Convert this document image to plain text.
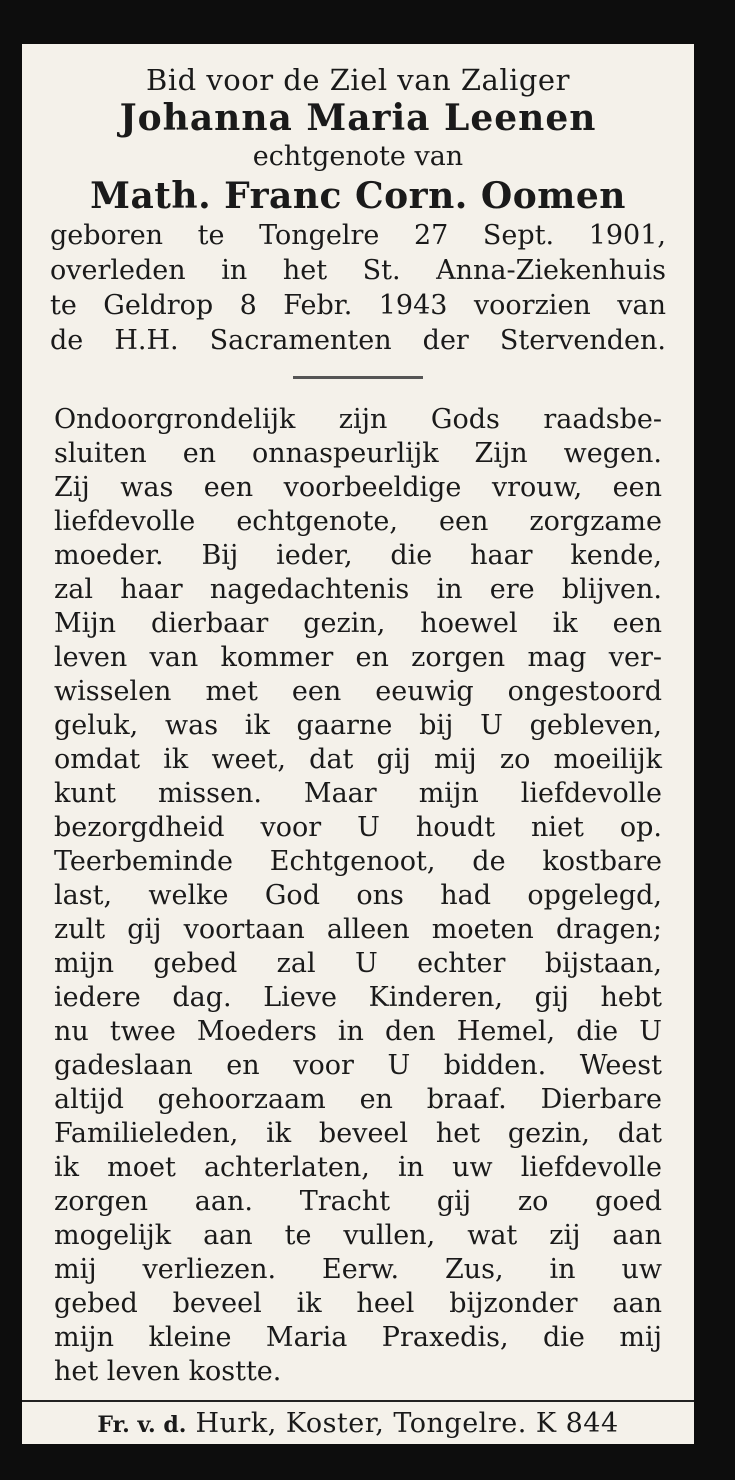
Bid voor de Ziel van Zaliger
Johanna Maria Leenen
echtgenote van
Math. Franc Corn. Oomen
geboren te Tongelre 27 Sept. 1901,
overleden in het St. Anna-Ziekenhuis
te Geldrop 8 Febr. 1943 voorzien van
de H.H. Sacramenten der Stervenden.
Ondoorgrondelijk zijn Gods raadsbe-
sluiten en onnaspeurlijk Zijn wegen.
Zij was een voorbeeldige vrouw, een
liefdevolle echtgenote, een zorgzame
moeder. Bij ieder, die haar kende,
zal haar nagedachtenis in ere blijven.
Mijn dierbaar gezin, hoewel ik een
leven van kommer en zorgen mag ver-
wisselen met een eeuwig ongestoord
geluk, was ik gaarne bij U gebleven,
omdat ik weet, dat gij mij zo moeilijk
kunt missen. Maar mijn liefdevolle
bezorgdheid voor U houdt niet op.
Teerbeminde Echtgenoot, de kostbare
last, welke God ons had opgelegd,
zult gij voortaan alleen moeten dragen;
mijn gebed zal U echter bijstaan,
iedere dag. Lieve Kinderen, gij hebt
nu twee Moeders in den Hemel, die U
gadeslaan en voor U bidden. Weest
altijd gehoorzaam en braaf. Dierbare
Familieleden, ik beveel het gezin, dat
ik moet achterlaten, in uw liefdevolle
zorgen aan. Tracht gij zo goed
mogelijk aan te vullen, wat zij aan
mij verliezen. Eerw. Zus, in uw
gebed beveel ik heel bijzonder aan
mijn kleine Maria Praxedis, die mij
het leven kostte.
Fr. v. d. Hurk, Koster, Tongelre. K 844
